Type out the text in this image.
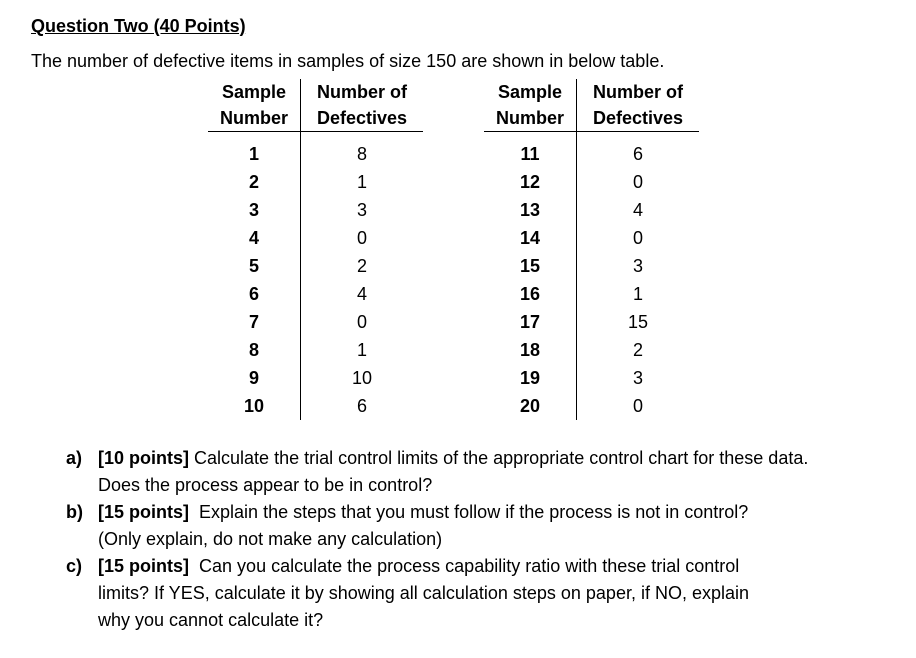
Question Two (40 Points)
The number of defective items in samples of size 150 are shown in below table.
Sample	Number of
Number	Defectives
1	8
2	1
3	3
4	0
5	2
6	4
7	0
8	1
9	10
10	6
Sample	Number of
Number	Defectives
11	6
12	0
13	4
14	0
15	3
16	1
17	15
18	2
19	3
20	0
a) [10 points] Calculate the trial control limits of the appropriate control chart for these data.
Does the process appear to be in control?
b) [15 points] Explain the steps that you must follow if the process is not in control?
(Only explain, do not make any calculation)
c) [15 points] Can you calculate the process capability ratio with these trial control
limits? If YES, calculate it by showing all calculation steps on paper, if NO, explain
why you cannot calculate it?
